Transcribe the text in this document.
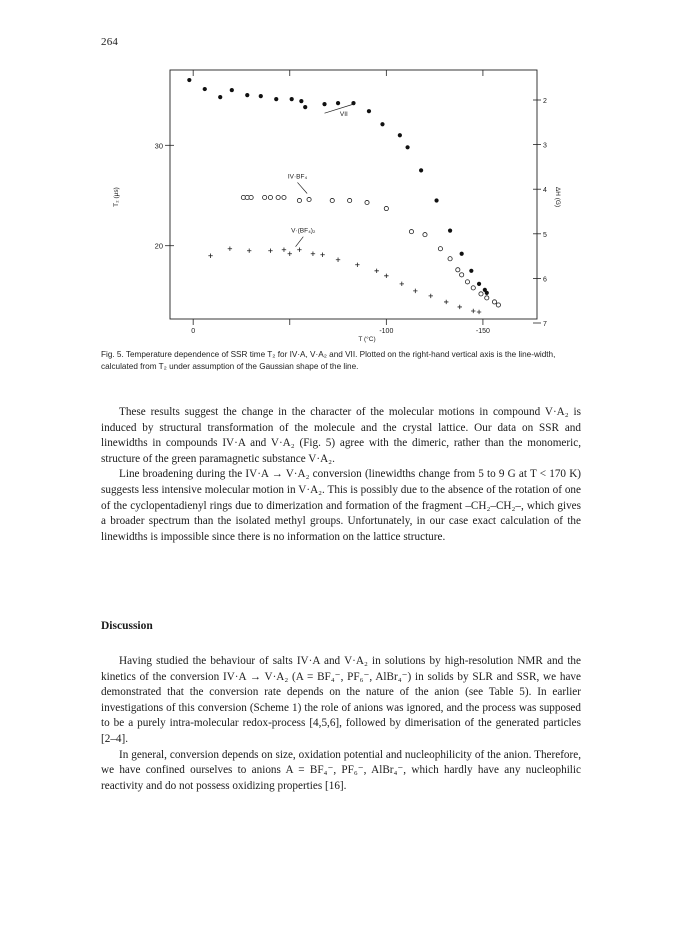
264
0	-100	-150
20
30
2
3
4
5
6
7
T (°C)
T₂ (μs)	ΔH (G)
VII
IV·BF₄
V·(BF₄)₂
Fig. 5. Temperature dependence of SSR time T₂ for IV·A, V·A₂ and VII. Plotted on the right-hand vertical axis is the line-width, calculated from T₂ under assumption of the Gaussian shape of the line.

These results suggest the change in the character of the molecular motions in compound V·A₂ is induced by structural transformation of the molecule and the crystal lattice. Our data on SSR and linewidths in compounds IV·A and V·A₂ (Fig. 5) agree with the dimeric, rather than the monomeric, structure of the green paramagnetic substance V·A₂.

Line broadening during the IV·A → V·A₂ conversion (linewidths change from 5 to 9 G at T < 170 K) suggests less intensive molecular motion in V·A₂. This is possibly due to the absence of the rotation of one of the cyclopentadienyl rings due to dimerization and formation of the fragment –CH₂–CH₂–, which gives a broader spectrum than the isolated methyl groups. Unfortunately, in our case exact calculation of the linewidths is impossible since there is no information on the lattice structure.

Discussion

Having studied the behaviour of salts IV·A and V·A₂ in solutions by high-resolution NMR and the kinetics of the conversion IV·A → V·A₂ (A = BF₄⁻, PF₆⁻, AlBr₄⁻) in solids by SLR and SSR, we have demonstrated that the conversion rate depends on the nature of the anion (see Table 5). In earlier investigations of this conversion (Scheme 1) the role of anions was ignored, and the process was supposed to be a purely intra-molecular redox-process [4,5,6], followed by dimerisation of the generated particles [2–4].

In general, conversion depends on size, oxidation potential and nucleophilicity of the anion. Therefore, we have confined ourselves to anions A = BF₄⁻, PF₆⁻, AlBr₄⁻, which hardly have any nucleophilic reactivity and do not possess oxidizing properties [16].
